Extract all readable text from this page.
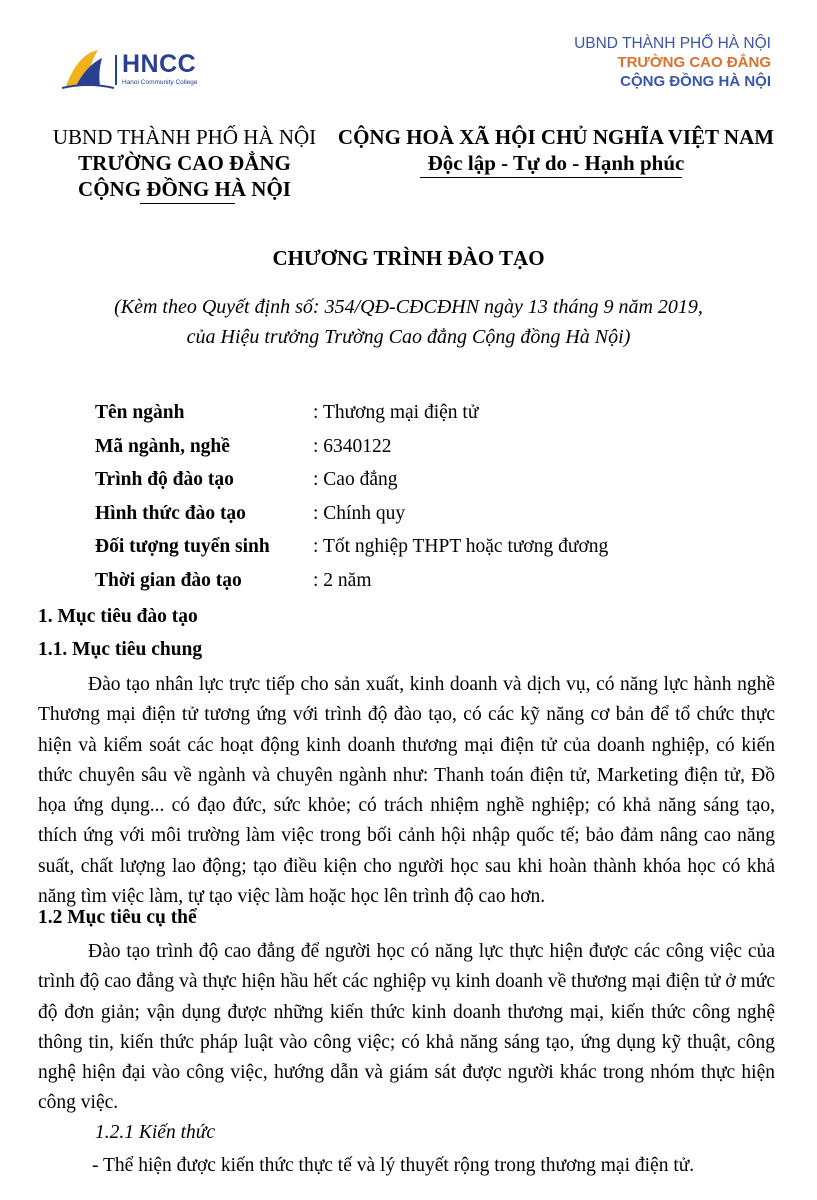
HNCC
Hanoi Community College
UBND THÀNH PHỐ HÀ NỘI
TRƯỜNG CAO ĐẲNG
CỘNG ĐỒNG HÀ NỘI
UBND THÀNH PHỐ HÀ NỘI
TRƯỜNG CAO ĐẲNG
CỘNG ĐỒNG HÀ NỘI
CỘNG HOÀ XÃ HỘI CHỦ NGHĨA VIỆT NAM
Độc lập - Tự do - Hạnh phúc
CHƯƠNG TRÌNH ĐÀO TẠO
(Kèm theo Quyết định số: 354/QĐ-CĐCĐHN ngày 13 tháng 9 năm 2019,
của Hiệu trưởng Trường Cao đẳng Cộng đồng Hà Nội)
Tên ngành	: Thương mại điện tử
Mã ngành, nghề	: 6340122
Trình độ đào tạo	: Cao đẳng
Hình thức đào tạo	: Chính quy
Đối tượng tuyển sinh : Tốt nghiệp THPT hoặc tương đương
Thời gian đào tạo	: 2 năm
1. Mục tiêu đào tạo
1.1. Mục tiêu chung

Đào tạo nhân lực trực tiếp cho sản xuất, kinh doanh và dịch vụ, có năng lực hành nghề Thương mại điện tử tương ứng với trình độ đào tạo, có các kỹ năng cơ bản để tổ chức thực hiện và kiểm soát các hoạt động kinh doanh thương mại điện tử của doanh nghiệp, có kiến thức chuyên sâu về ngành và chuyên ngành như: Thanh toán điện tử, Marketing điện tử, Đồ họa ứng dụng... có đạo đức, sức khỏe; có trách nhiệm nghề nghiệp; có khả năng sáng tạo, thích ứng với môi trường làm việc trong bối cảnh hội nhập quốc tế; bảo đảm nâng cao năng suất, chất lượng lao động; tạo điều kiện cho người học sau khi hoàn thành khóa học có khả năng tìm việc làm, tự tạo việc làm hoặc học lên trình độ cao hơn.

1.2 Mục tiêu cụ thể

Đào tạo trình độ cao đẳng để người học có năng lực thực hiện được các công việc của trình độ cao đẳng và thực hiện hầu hết các nghiệp vụ kinh doanh về thương mại điện tử ở mức độ đơn giản; vận dụng được những kiến thức kinh doanh thương mại, kiến thức công nghệ thông tin, kiến thức pháp luật vào công việc; có khả năng sáng tạo, ứng dụng kỹ thuật, công nghệ hiện đại vào công việc, hướng dẫn và giám sát được người khác trong nhóm thực hiện công việc.

1.2.1 Kiến thức
- Thể hiện được kiến thức thực tế và lý thuyết rộng trong thương mại điện tử.
